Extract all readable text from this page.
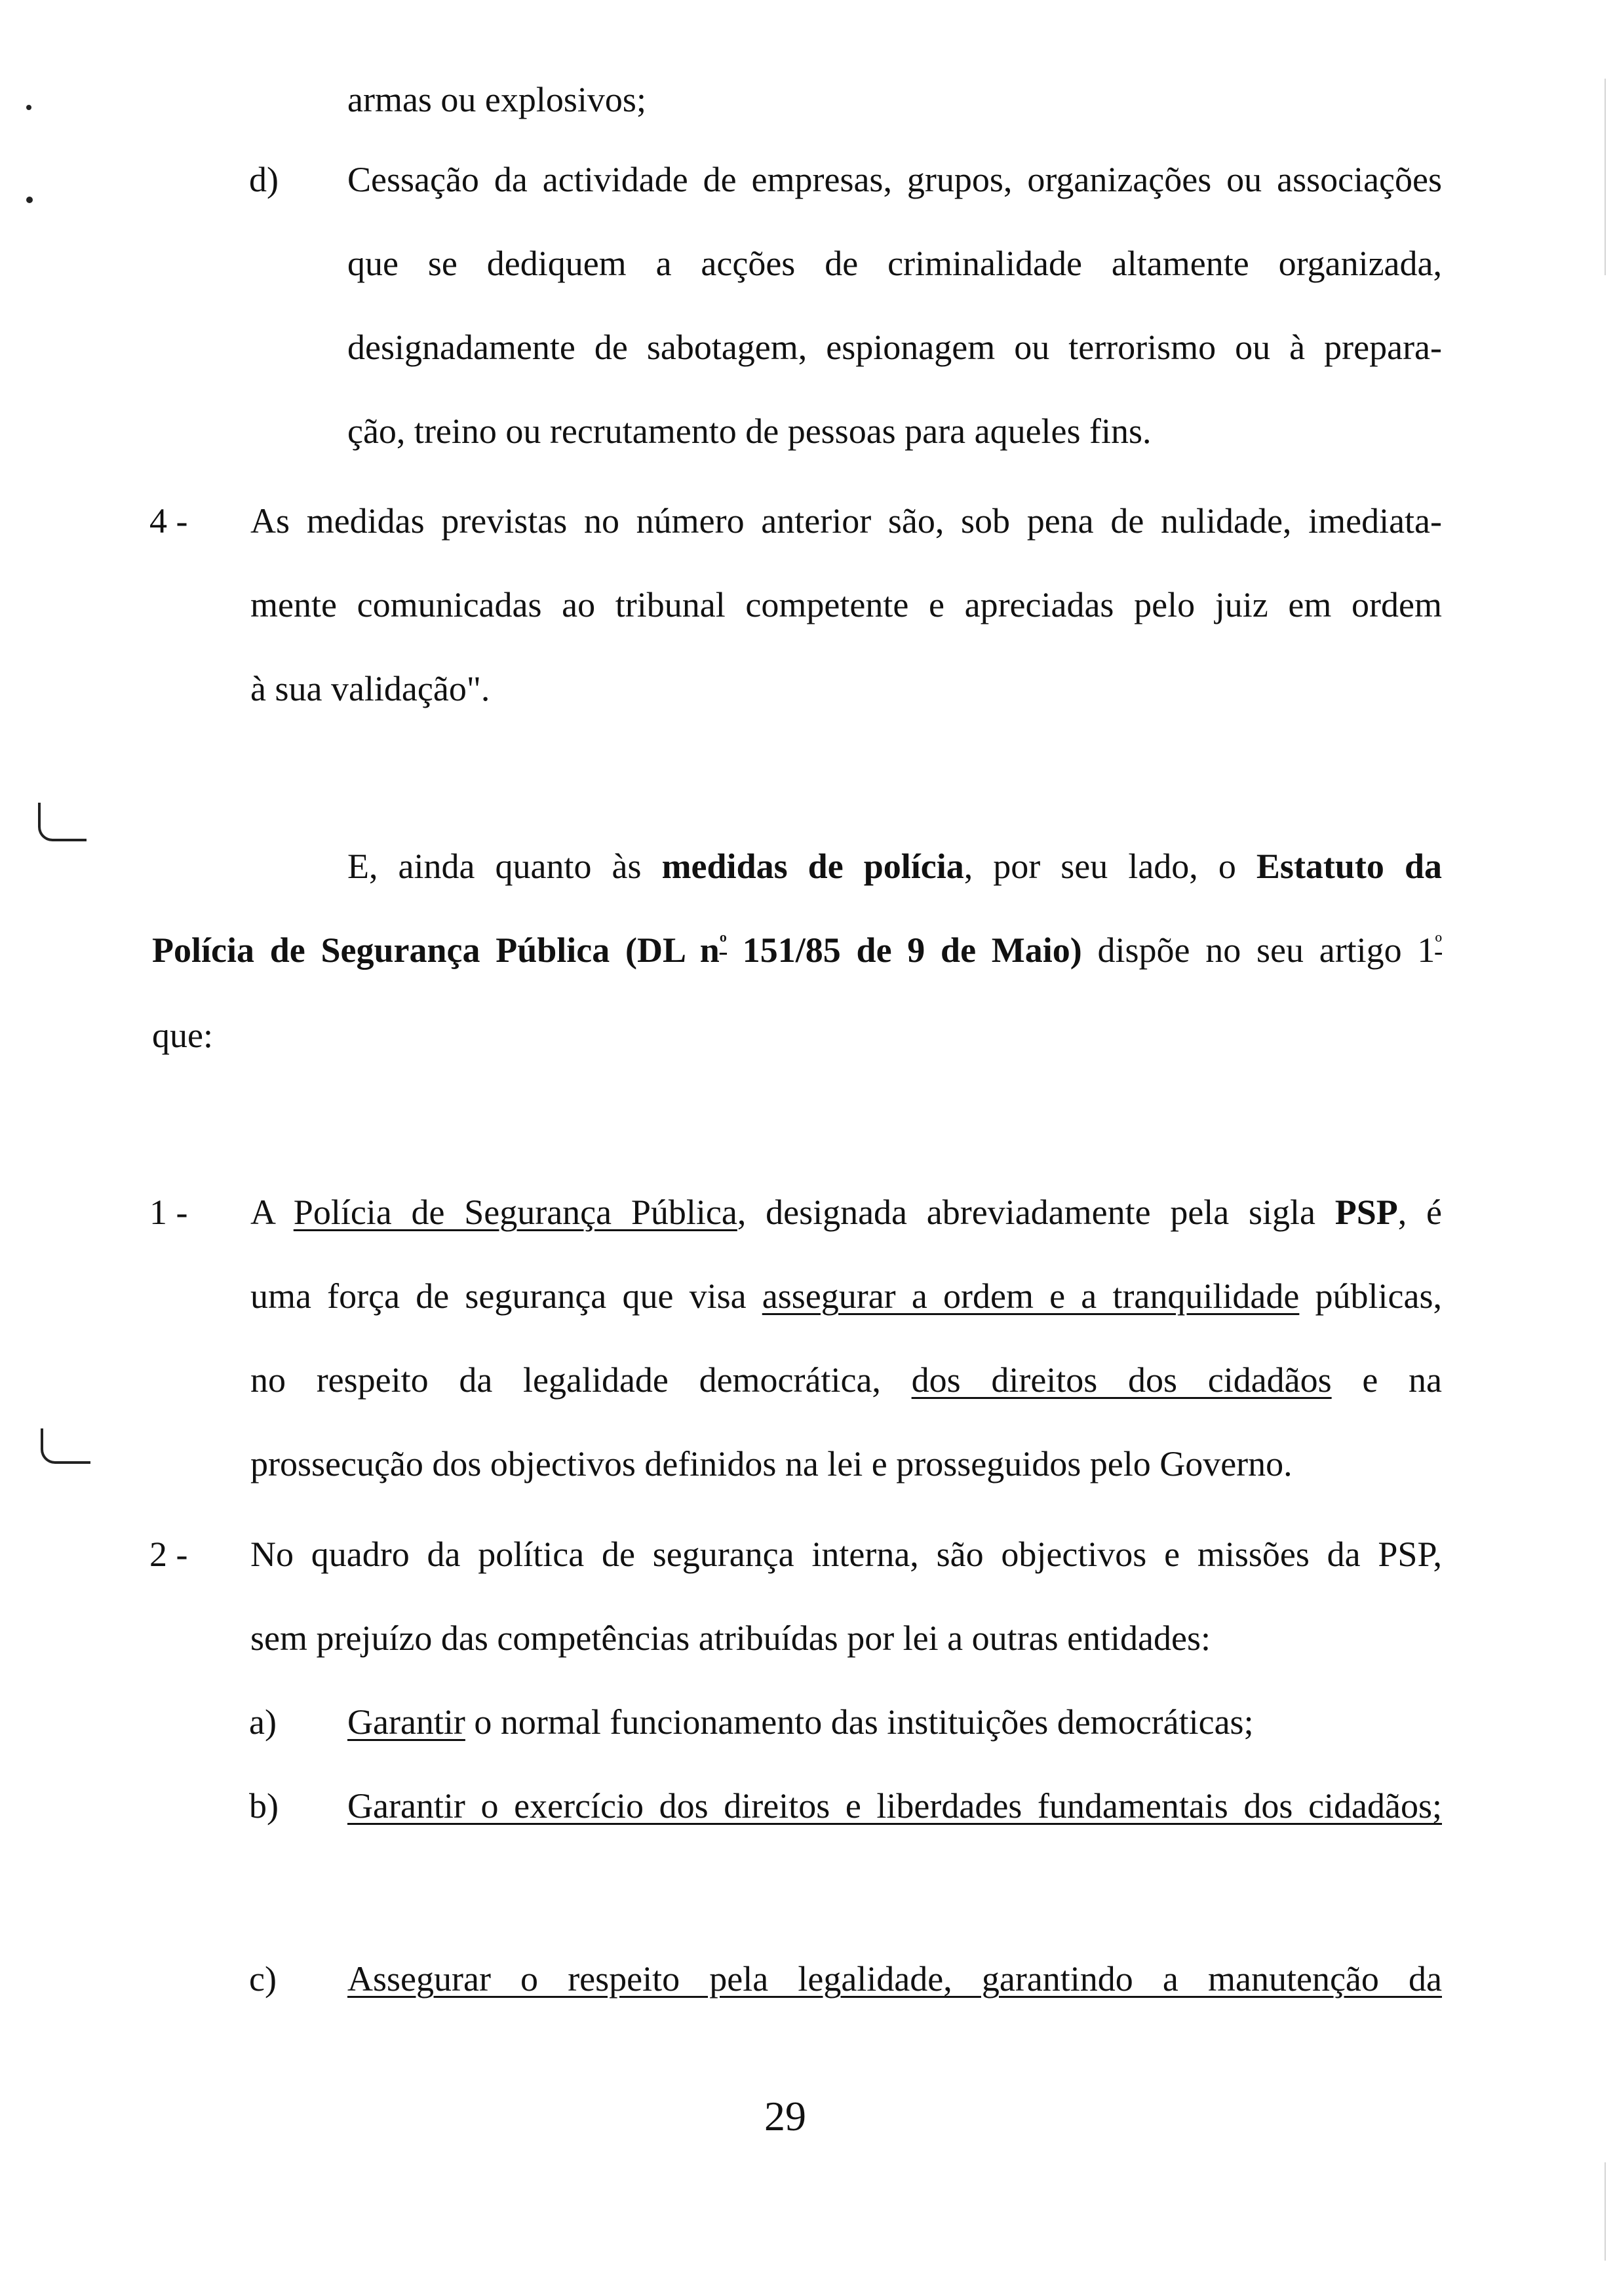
armas ou explosivos;
d) Cessação da actividade de empresas, grupos, organizações ou associações
que se dediquem a acções de criminalidade altamente organizada,
designadamente de sabotagem, espionagem ou terrorismo ou à prepara-
ção, treino ou recrutamento de pessoas para aqueles fins.
4 - As medidas previstas no número anterior são, sob pena de nulidade, imediata-
mente comunicadas ao tribunal competente e apreciadas pelo juiz em ordem
à sua validação".
E, ainda quanto às medidas de polícia, por seu lado, o Estatuto da
Polícia de Segurança Pública (DL $n^º$ 151/85 de 9 de Maio) dispõe no seu artigo $1^º$
que:
1 - A Polícia de Segurança Pública, designada abreviadamente pela sigla PSP, é
uma força de segurança que visa assegurar a ordem e a tranquilidade públicas,
no respeito da legalidade democrática, dos direitos dos cidadãos e na
prossecução dos objectivos definidos na lei e prosseguidos pelo Governo.
2 - No quadro da política de segurança interna, são objectivos e missões da PSP,
sem prejuízo das competências atribuídas por lei a outras entidades:
a) Garantir o normal funcionamento das instituições democráticas;
b) Garantir o exercício dos direitos e liberdades fundamentais dos cidadãos;
c) Assegurar o respeito pela legalidade, garantindo a manutenção da
29
